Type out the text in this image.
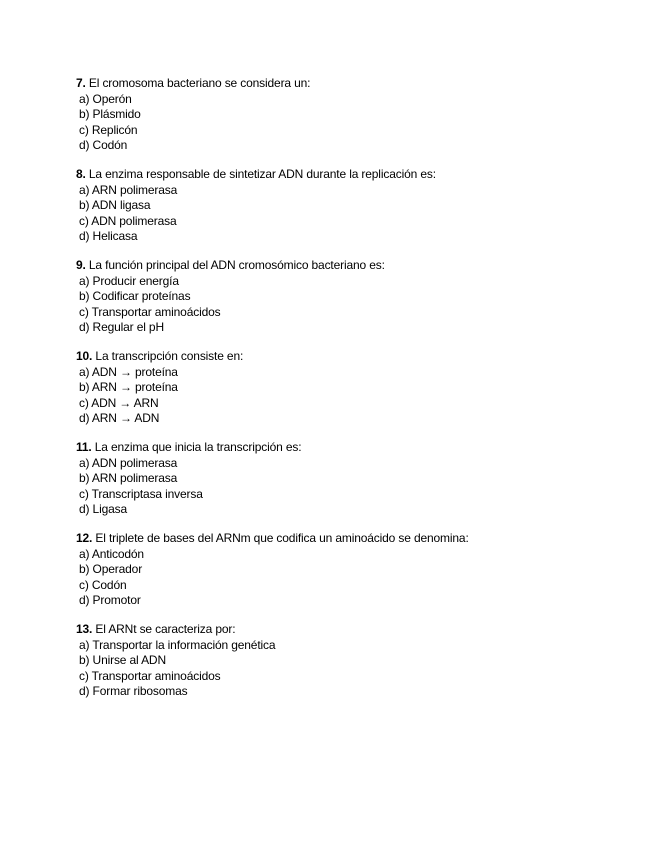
7. El cromosoma bacteriano se considera un:
a) Operón
b) Plásmido
c) Replicón
d) Codón
8. La enzima responsable de sintetizar ADN durante la replicación es:
a) ARN polimerasa
b) ADN ligasa
c) ADN polimerasa
d) Helicasa
9. La función principal del ADN cromosómico bacteriano es:
a) Producir energía
b) Codificar proteínas
c) Transportar aminoácidos
d) Regular el pH
10. La transcripción consiste en:
a) ADN → proteína
b) ARN → proteína
c) ADN → ARN
d) ARN → ADN
11. La enzima que inicia la transcripción es:
a) ADN polimerasa
b) ARN polimerasa
c) Transcriptasa inversa
d) Ligasa
12. El triplete de bases del ARNm que codifica un aminoácido se denomina:
a) Anticodón
b) Operador
c) Codón
d) Promotor
13. El ARNt se caracteriza por:
a) Transportar la información genética
b) Unirse al ADN
c) Transportar aminoácidos
d) Formar ribosomas
